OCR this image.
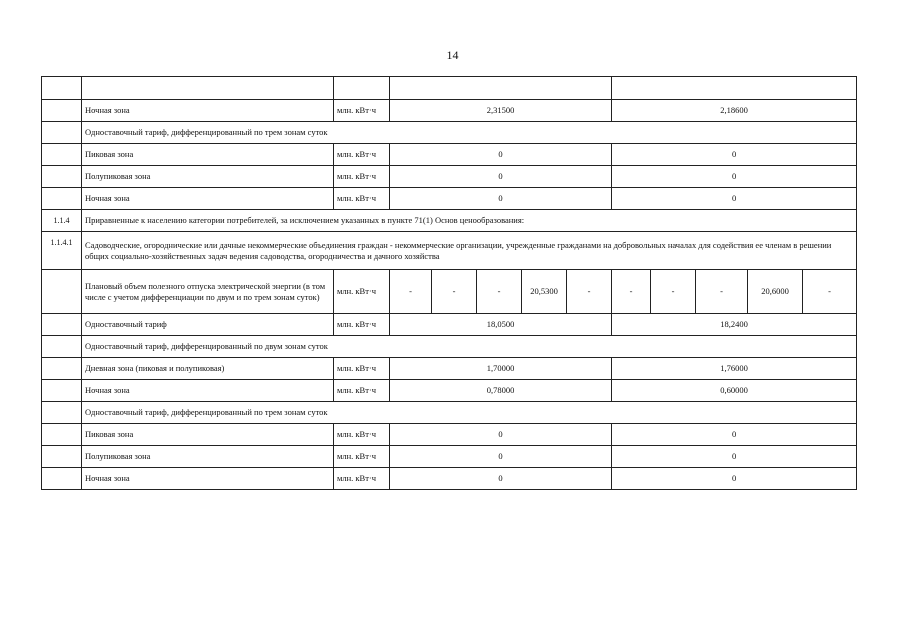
14

	Ночная зона	млн. кВт·ч	2,31500					2,18600				
	Одноставочный тариф, дифференцированный по трем зонам суток											
	Пиковая зона	млн. кВт·ч	0					0				
	Полупиковая зона	млн. кВт·ч	0					0				
	Ночная зона	млн. кВт·ч	0					0				
1.1.4	Приравненные к населению категории потребителей, за исключением указанных в пункте 71(1) Основ ценообразования:											
1.1.4.1	Садоводческие, огороднические или дачные некоммерческие объединения граждан - некоммерческие организации, учрежденные гражданами на добровольных началах для содействия ее членам в решении общих социально-хозяйственных задач ведения садоводства, огородничества и дачного хозяйства											
	Плановый объем полезного отпуска электрической энергии (в том числе с учетом дифференциации по двум и по трем зонам суток)	млн. кВт·ч	-	-	-	20,5300	-	-	-	-	20,6000	-
	Одноставочный тариф	млн. кВт·ч	18,0500					18,2400				
	Одноставочный тариф, дифференцированный по двум зонам суток											
	Дневная зона (пиковая и полупиковая)	млн. кВт·ч	1,70000					1,76000				
	Ночная зона	млн. кВт·ч	0,78000					0,60000				
	Одноставочный тариф, дифференцированный по трем зонам суток											
	Пиковая зона	млн. кВт·ч	0					0				
	Полупиковая зона	млн. кВт·ч	0					0				
	Ночная зона	млн. кВт·ч	0					0				
